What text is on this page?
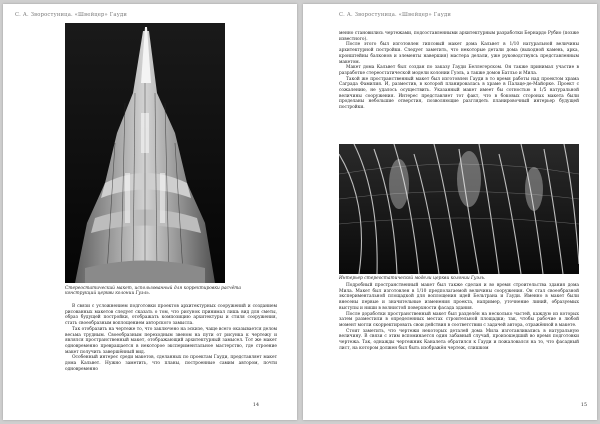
С. А. Зворостуница. «Швейцер» Гауди
Стереостатический макет, использованный для корректировки расчёта конструкций церкви колонии Гуэль.

В связи с усложнением подготовки проектов архитектурных сооружений и созданием рисованных макетов следует сказать о том, что рисунок принимал лишь вид для сметы, образ будущей постройки, отображать композицию архитектуры и стиля сооружения, стать своеобразным воплощением авторского замысла.

Так отобразить на чертеже то, что заключено на эскизе, чаще всего оказывается делом весьма трудным. Своеобразным переходным звеном на пути от рисунка к чертежу и являлся пространственный макет, отображающий архитектурный замысел. Тот же макет одновременно превращается в некоторое экспериментальное мастерство, где строение макет получить завершённый вид.

Особенный интерес среди макетов, сделанных по проектам Гауди, представляет макет дома Кальвет. Нужно заметить, что планы, построенные самим автором, почти одновременно

14
С. А. Зворостуница. «Швейцер» Гауди

менно становились чертежами, подсоставленными архитектурным разработки Бернардо Рубио (позже известного).

После этого был изготовлен гипсовый макет дома Кальвет в 1/10 натуральной величины архитектурной постройки. Следует заметить, что некоторые детали дома (выходной камень, арка, кронштейны балконов и элементы навершия) мастера делали, уже руководствуясь представленным макетом.

Макет дома Кальвет был создан по заказу Гауди Беллегерском. Он также принимал участие в разработке стереостатической модели колонии Гуэль, а также домов Батльо и Мила.

Такой же пространственный макет был изготовлен Гауди в то время работы над проектом храма Саграда Фамилия. И, разместив, в которой планировалась в храме в Палаце-де-Майорке. Проект с сожалению, не удалось осуществить. Указанный макет имеет бы сотностью в 1/5 натуральной величины сооружения. Интерес представляет тот факт, что в боковых сторонах макета были проделаны небольшие отверстия, позволяющие разглядеть планировочный интерьер будущей постройки.

Интерьер стереостатической модели церкви колонии Гуэль.

Подробный пространственный макет был также сделан и во время строительства здания дома Мила. Макет был изготовлен в 1/10 предполагаемой величины сооружения. Он стал своеобразной экспериментальной площадкой для воплощения идей Бельтрана и Гауди. Именно в макет были внесены первые и значительные изменения проекта, например, уточнение линий, образуемых выступы и ниши в волнистой поверхности фасада здания.

После доработки пространственный макет был разделён на несколько частей, каждую из которых затем разместили в определенных местах строительной площадки; так, чтобы рабочие в любой момент могли скорректировать свои действия в соответствии с задачей автора, отражённой в макете.

Стоит заметить, что чертежи некоторых деталей дома Мила изготавливались в натуральную величину. В связи с этим вспоминается один забавный случай, произошедший во время подготовки чертежа. Так, однажды чертежник Каналета обратился к Гауди и пожаловался на то, что фасадный лист, на котором должен был быть изображён чертеж, слишком

15
